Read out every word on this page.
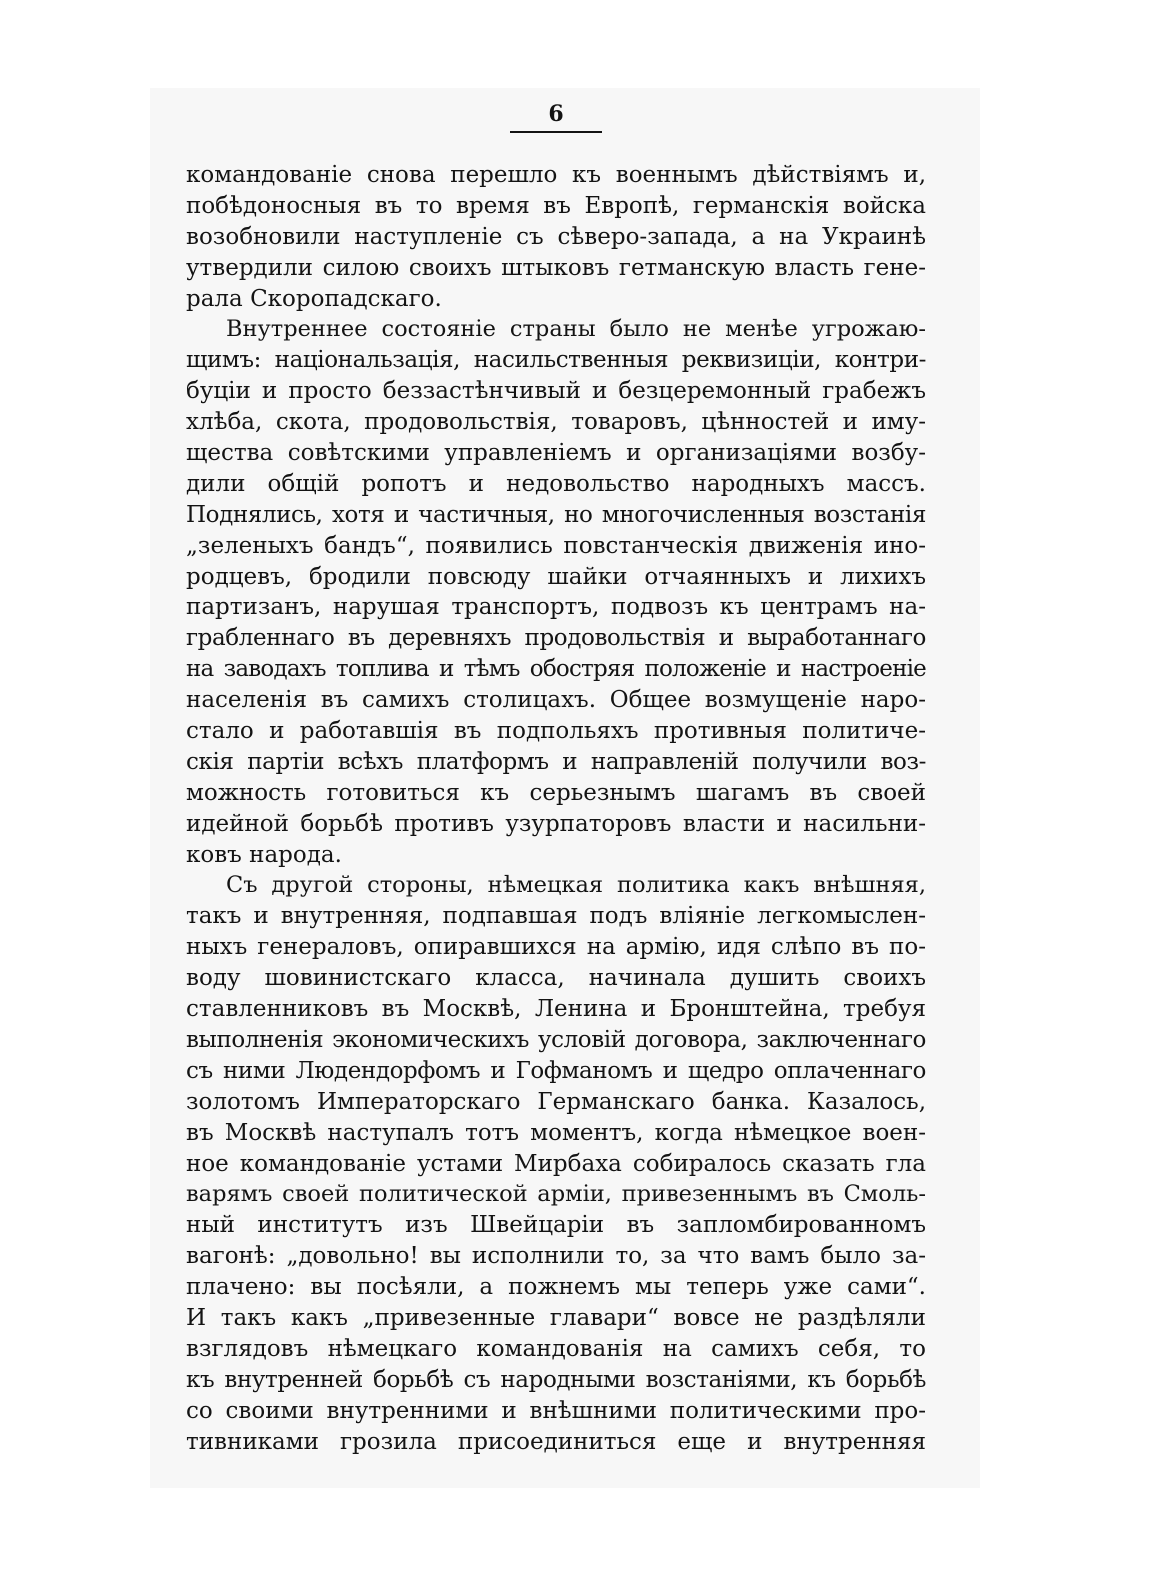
6
командованіе снова перешло къ военнымъ дѣйствіямъ и,
побѣдоносныя въ то время въ Европѣ, германскія войска
возобновили наступленіе съ сѣверо-запада, а на Украинѣ
утвердили силою своихъ штыковъ гетманскую власть гене-
рала Скоропадскаго.
Внутреннее состояніе страны было не менѣе угрожаю-
щимъ: національзація, насильственныя реквизиціи, контри-
буціи и просто беззастѣнчивый и безцеремонный грабежъ
хлѣба, скота, продовольствія, товаровъ, цѣнностей и иму-
щества совѣтскими управленіемъ и организаціями возбу-
дили общій ропотъ и недовольство народныхъ массъ.
Поднялись, хотя и частичныя, но многочисленныя возстанія
„зеленыхъ бандъ“, появились повстанческія движенія ино-
родцевъ, бродили повсюду шайки отчаянныхъ и лихихъ
партизанъ, нарушая транспортъ, подвозъ къ центрамъ на-
грабленнаго въ деревняхъ продовольствія и выработаннаго
на заводахъ топлива и тѣмъ обостряя положеніе и настроеніе
населенія въ самихъ столицахъ. Общее возмущеніе наро-
стало и работавшія въ подпольяхъ противныя политиче-
скія партіи всѣхъ платформъ и направленій получили воз-
можность готовиться къ серьезнымъ шагамъ въ своей
идейной борьбѣ противъ узурпаторовъ власти и насильни-
ковъ народа.
Съ другой стороны, нѣмецкая политика какъ внѣшняя,
такъ и внутренняя, подпавшая подъ вліяніе легкомыслен-
ныхъ генераловъ, опиравшихся на армію, идя слѣпо въ по-
воду шовинистскаго класса, начинала душить своихъ
ставленниковъ въ Москвѣ, Ленина и Бронштейна, требуя
выполненія экономическихъ условій договора, заключеннаго
съ ними Людендорфомъ и Гофманомъ и щедро оплаченнаго
золотомъ Императорскаго Германскаго банка. Казалось,
въ Москвѣ наступалъ тотъ моментъ, когда нѣмецкое воен-
ное командованіе устами Мирбаха собиралось сказать гла
варямъ своей политической арміи, привезеннымъ въ Смоль-
ный институтъ изъ Швейцаріи въ запломбированномъ
вагонѣ: „довольно! вы исполнили то, за что вамъ было за-
плачено: вы посѣяли, а пожнемъ мы теперь уже сами“.
И такъ какъ „привезенные главари“ вовсе не раздѣляли
взглядовъ нѣмецкаго командованія на самихъ себя, то
къ внутренней борьбѣ съ народными возстаніями, къ борьбѣ
со своими внутренними и внѣшними политическими про-
тивниками грозила присоединиться еще и внутренняя
